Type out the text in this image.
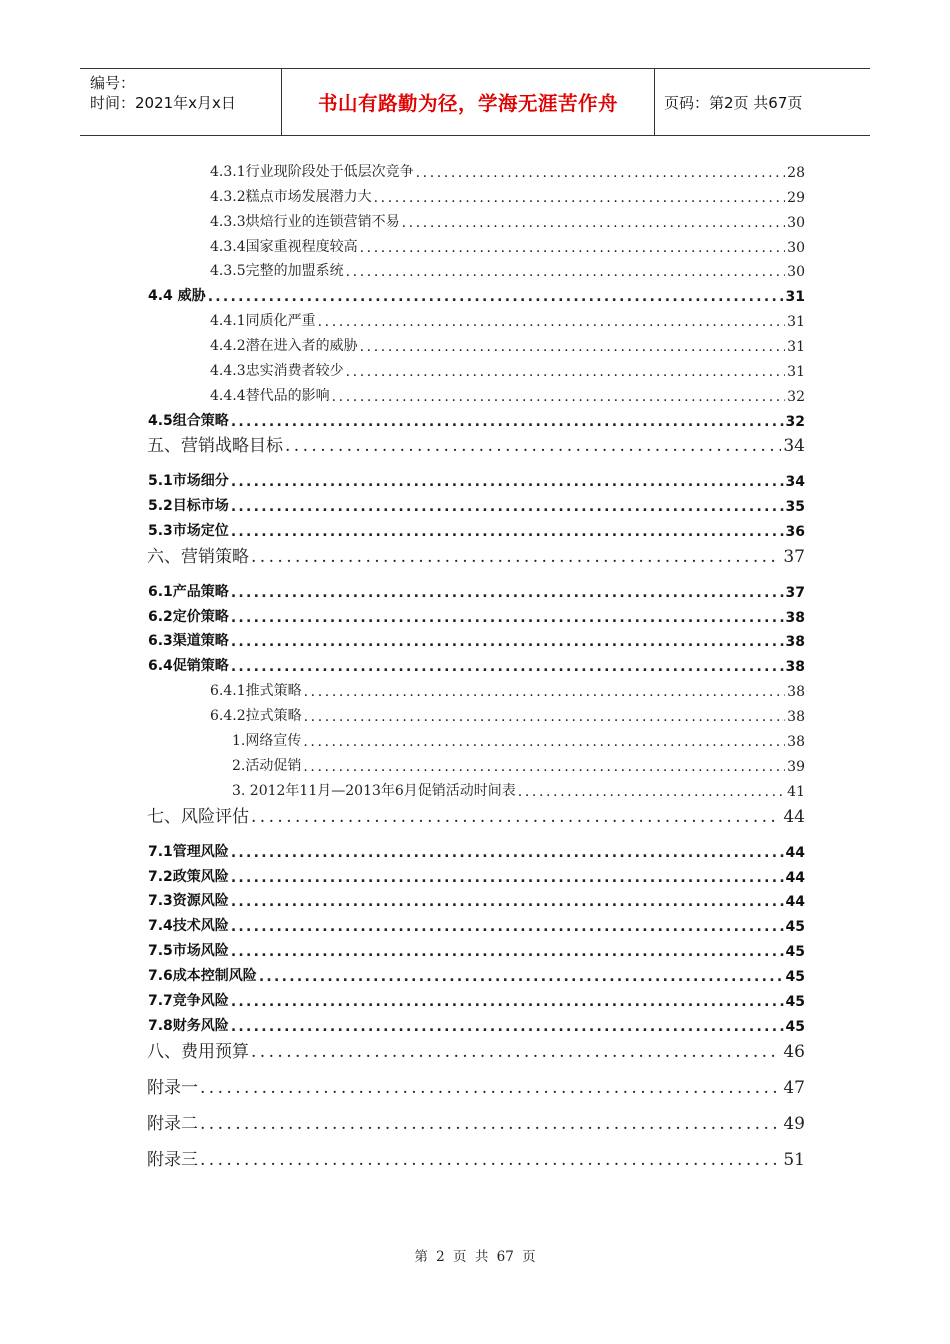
编号：
时间：2021年x月x日	书山有路勤为径，学海无涯苦作舟	页码：第2页 共67页
4.3.1行业现阶段处于低层次竞争 .....	28
4.3.2糕点市场发展潜力大 .....	29
4.3.3烘焙行业的连锁营销不易 .....	30
4.3.4国家重视程度较高 .....	30
4.3.5完整的加盟系统 .....	30
4.4 威胁 .....	31
4.4.1同质化严重 .....	31
4.4.2潜在进入者的威胁 .....	31
4.4.3忠实消费者较少 .....	31
4.4.4替代品的影响 .....	32
4.5组合策略 .....	32
五、营销战略目标 .....	34
5.1市场细分 .....	34
5.2目标市场 .....	35
5.3市场定位 .....	36
六、营销策略 .....	37
6.1产品策略 .....	37
6.2定价策略 .....	38
6.3渠道策略 .....	38
6.4促销策略 .....	38
6.4.1推式策略 .....	38
6.4.2拉式策略 .....	38
1.网络宣传 .....	38
2.活动促销 .....	39
3. 2012年11月—2013年6月促销活动时间表 .....	41
七、风险评估 .....	44
7.1管理风险 .....	44
7.2政策风险 .....	44
7.3资源风险 .....	44
7.4技术风险 .....	45
7.5市场风险 .....	45
7.6成本控制风险 .....	45
7.7竞争风险 .....	45
7.8财务风险 .....	45
八、费用预算 .....	46
附录一 .....	47
附录二 .....	49
附录三 .....	51
第 2 页 共 67 页
